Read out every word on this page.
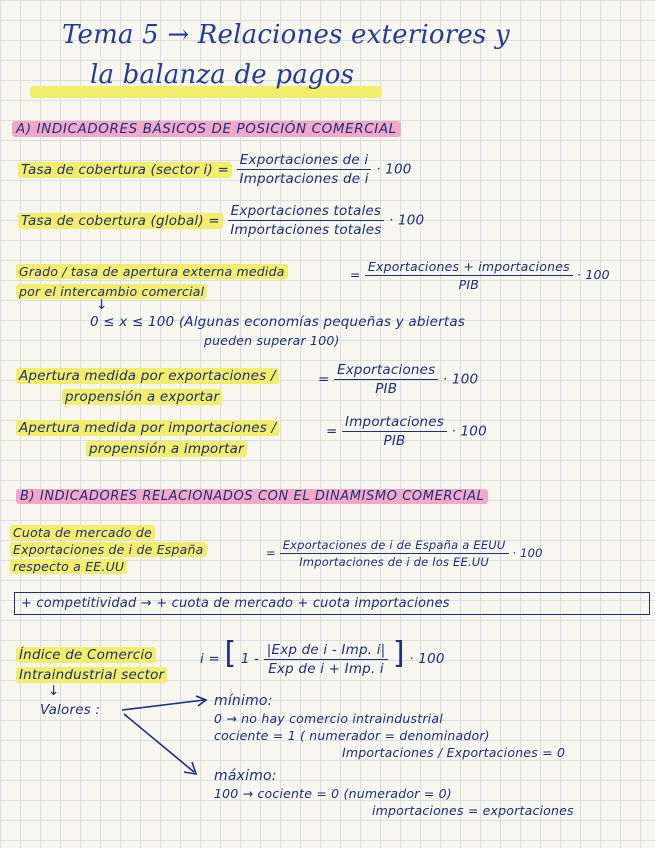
Tema 5 → Relaciones exteriores y
la balanza de pagos
A) INDICADORES BÁSICOS DE POSICIÓN COMERCIAL
Tasa de cobertura (sector $i) = \frac{\text{Exportaciones de i}}{\text{Importaciones de i}} \cdot 100$
Tasa de cobertura (global) = $\frac{\text{Exportaciones totales}}{\text{Importaciones totales}} \cdot 100$
Grado / tasa de apertura externa medida
por el intercambio comercial
= $\frac{\text{Exportaciones + importaciones}}{\text{PIB}} \cdot 100$
↓
0 ≤ x ≤ 100 (Algunas economías pequeñas y abiertas
pueden superar 100)
Apertura medida por exportaciones /
propensión a exportar
= $\frac{\text{Exportaciones}}{\text{PIB}} \cdot 100$
Apertura medida por importaciones /
propensión a importar
= $\frac{\text{Importaciones}}{\text{PIB}} \cdot 100$
B) INDICADORES RELACIONADOS CON EL DINAMISMO COMERCIAL
Cuota de mercado de
Exportaciones de i de España
respecto a EE.UU
= $\frac{\text{Exportaciones de i de España a EEUU}}{\text{Importaciones de i de los EE.UU}} \cdot 100$
+ competitividad → + cuota de mercado + cuota importaciones
Índice de Comercio
Intraindustrial sector
i = [ $1 - \frac{\text{|Exp de i - Imp. i|}}{\text{Exp de i + Imp. i}}$ ] · 100
↓
Valores :
mínimo:
0 → no hay comercio intraindustrial
cociente = 1 ( numerador = denominador)
Importaciones / Exportaciones = 0
máximo:
100 → cociente = 0 (numerador = 0)
importaciones = exportaciones
